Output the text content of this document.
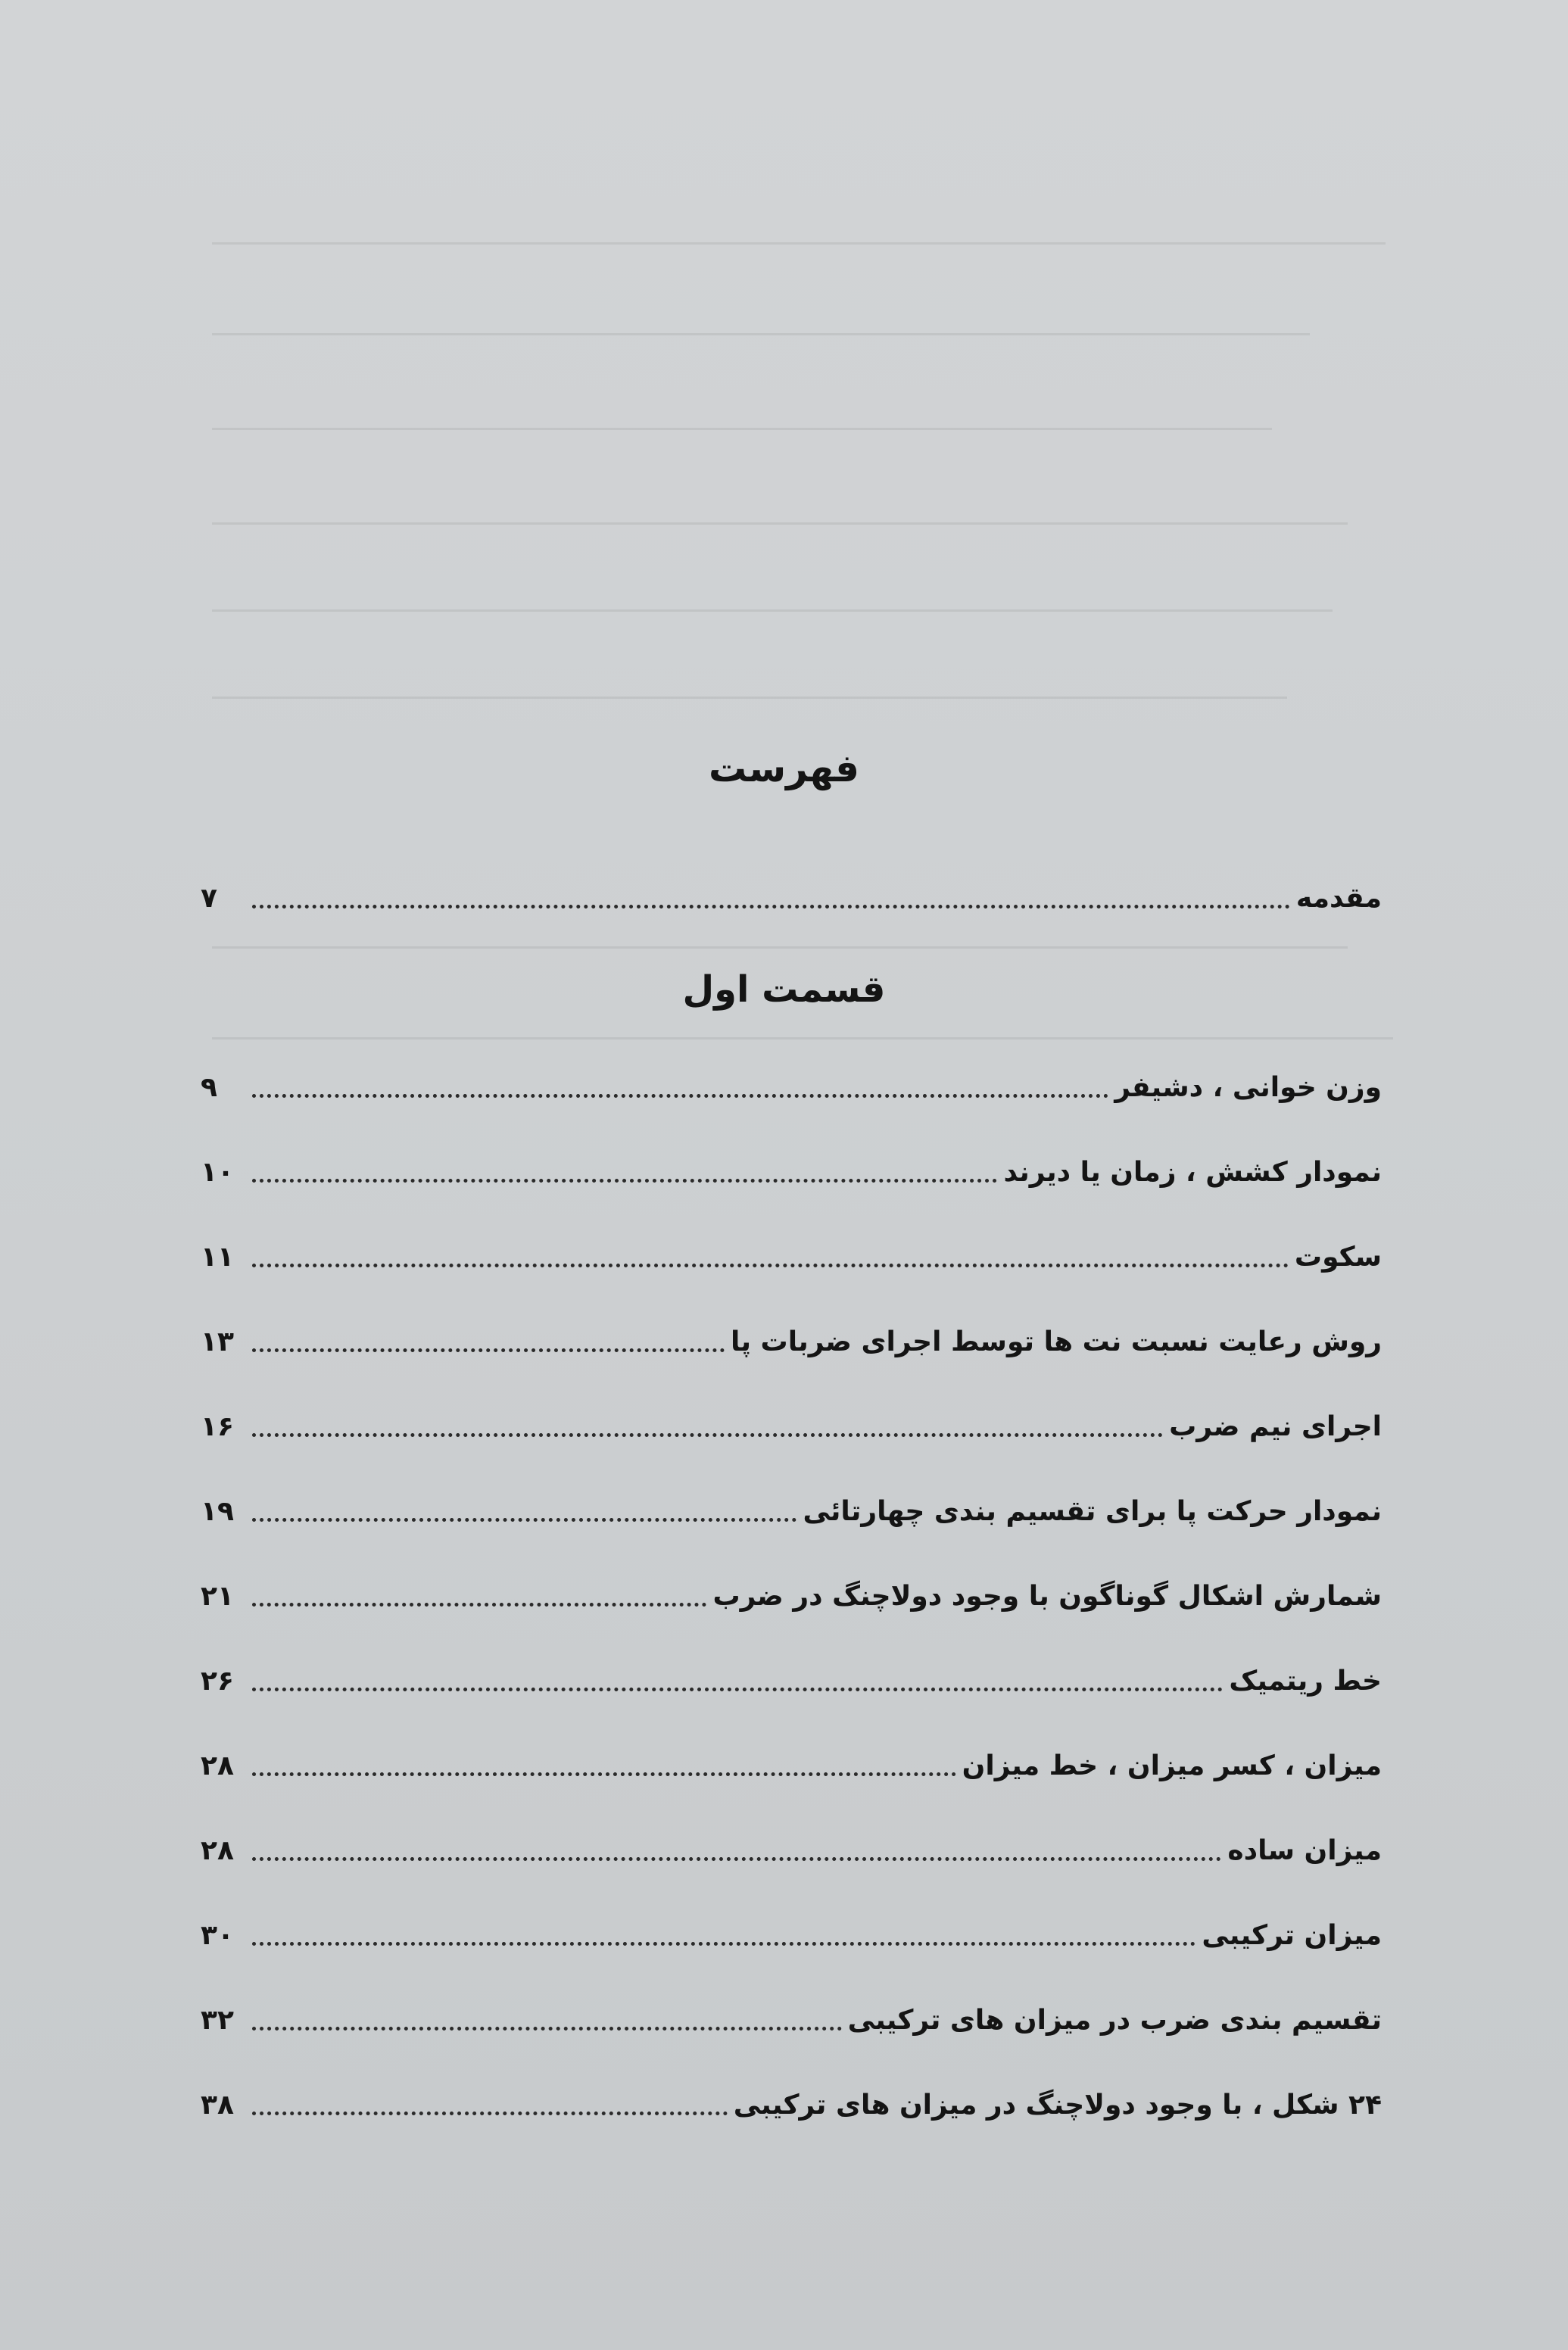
فهرست
مقدمه
۷
قسمت اول
وزن خوانی ، دشیفر
۹
نمودار کشش ، زمان یا دیرند
۱۰
سکوت
۱۱
روش رعایت نسبت نت ها توسط اجرای ضربات پا
۱۳
اجرای نیم ضرب
۱۶
نمودار حرکت پا برای تقسیم بندی چهارتائی
۱۹
شمارش اشکال گوناگون با وجود دولاچنگ در ضرب
۲۱
خط ریتمیک
۲۶
میزان ، کسر میزان ، خط میزان
۲۸
میزان ساده
۲۸
میزان ترکیبی
۳۰
تقسیم بندی ضرب در میزان های ترکیبی
۳۲
۲۴ شکل ، با وجود دولاچنگ در میزان های ترکیبی
۳۸
